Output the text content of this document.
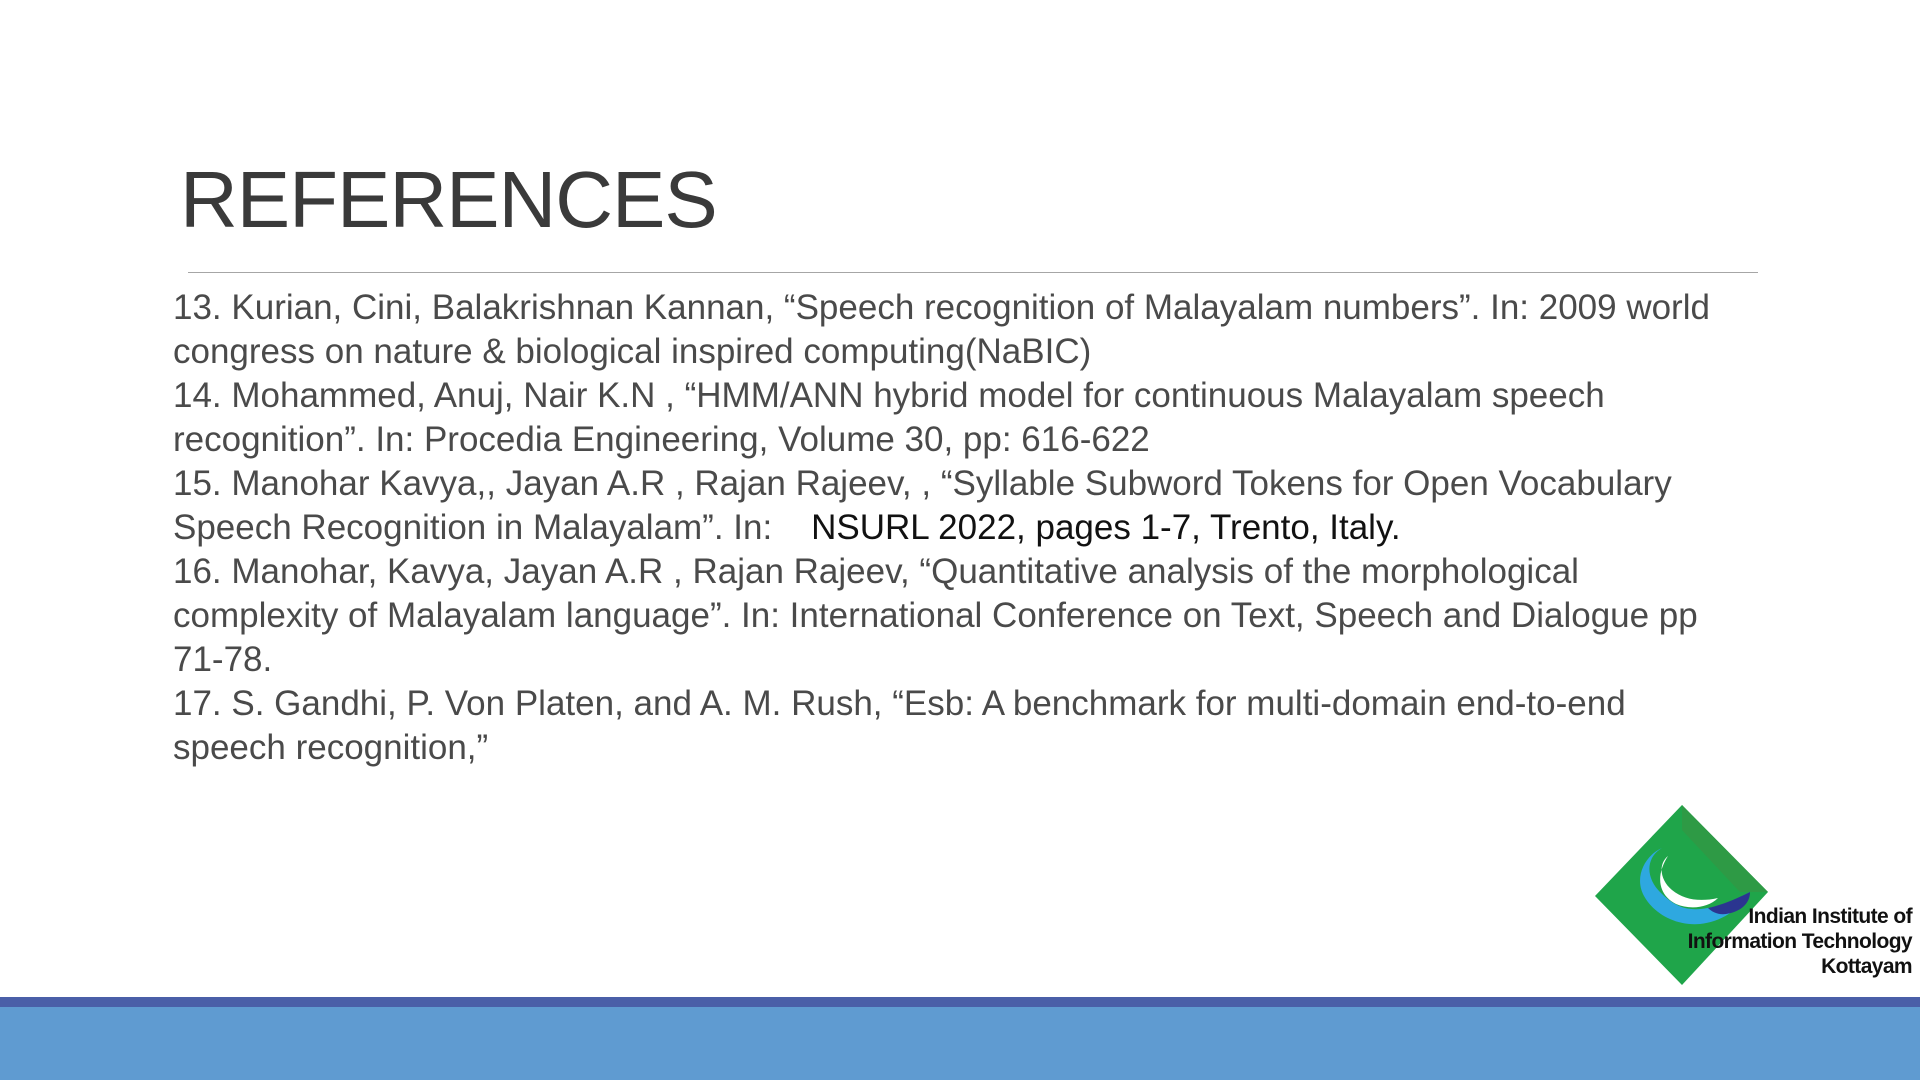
REFERENCES

13. Kurian, Cini, Balakrishnan Kannan, “Speech recognition of Malayalam numbers”. In: 2009 world congress on nature & biological inspired computing(NaBIC)

14. Mohammed, Anuj, Nair K.N , “HMM/ANN hybrid model for continuous Malayalam speech recognition”. In: Procedia Engineering, Volume 30, pp: 616-622

15. Manohar Kavya,, Jayan A.R , Rajan Rajeev, , “Syllable Subword Tokens for Open Vocabulary Speech Recognition in Malayalam”. In:    NSURL 2022, pages 1-7, Trento, Italy.

16. Manohar, Kavya, Jayan A.R , Rajan Rajeev, “Quantitative analysis of the morphological complexity of Malayalam language”. In: International Conference on Text, Speech and Dialogue pp 71-78.

17. S. Gandhi, P. Von Platen, and A. M. Rush, “Esb: A benchmark for multi-domain end-to-end speech recognition,”

Indian Institute of
Information Technology
Kottayam
